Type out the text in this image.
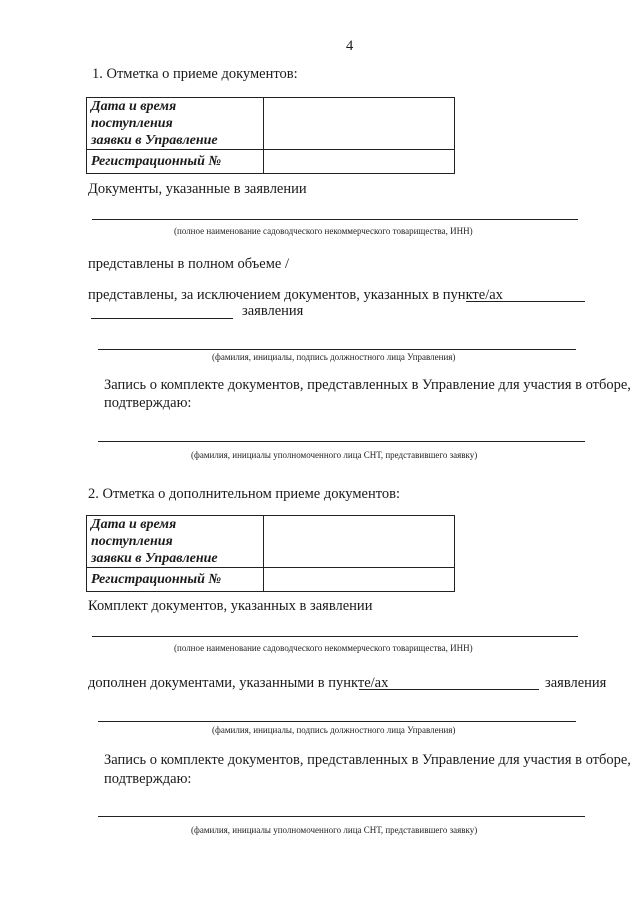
4
1. Отметка о приеме документов:
Дата и время поступления
заявки в Управление	

Регистрационный №	
Документы, указанные в заявлении
(полное наименование садоводческого некоммерческого товарищества, ИНН)
представлены в полном объеме /
представлены, за исключением документов, указанных в пункте/ах
заявления
(фамилия, инициалы, подпись должностного лица Управления)
Запись о комплекте документов, представленных в Управление для участия в отборе,
подтверждаю:
(фамилия, инициалы уполномоченного лица СНТ, представившего заявку)
2. Отметка о дополнительном приеме документов:
Дата и время поступления
заявки в Управление	

Регистрационный №	
Комплект документов, указанных в заявлении
(полное наименование садоводческого некоммерческого товарищества, ИНН)
дополнен документами, указанными в пункте/ах	заявления
(фамилия, инициалы, подпись должностного лица Управления)
Запись о комплекте документов, представленных в Управление для участия в отборе,
подтверждаю:
(фамилия, инициалы уполномоченного лица СНТ, представившего заявку)
